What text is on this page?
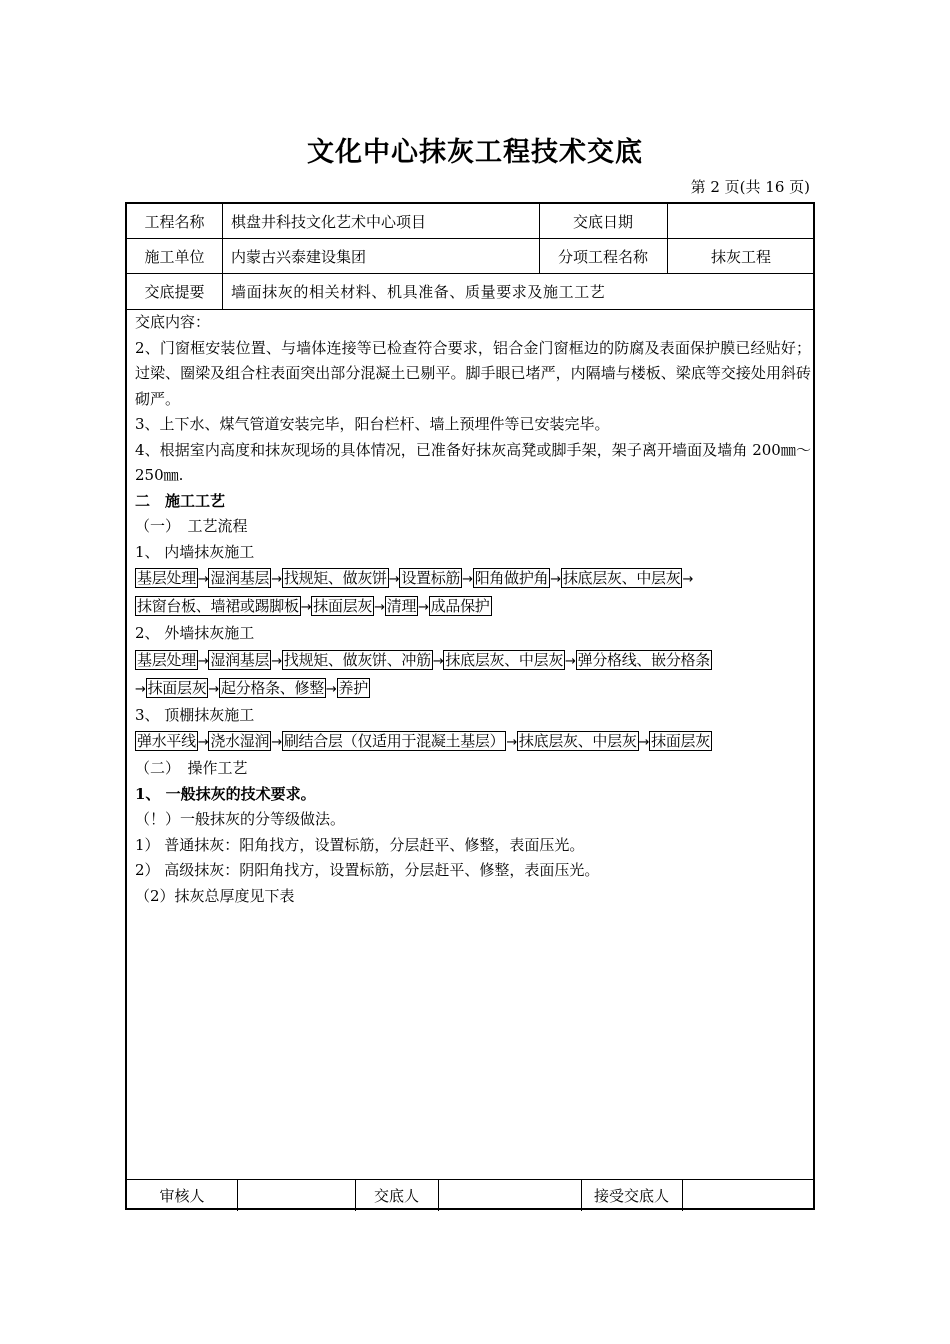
文化中心抹灰工程技术交底
第 2 页(共 16 页)
工程名称	棋盘井科技文化艺术中心项目	交底日期
施工单位	内蒙古兴泰建设集团	分项工程名称	抹灰工程
交底提要	墙面抹灰的相关材料、机具准备、质量要求及施工工艺
交底内容：
2、门窗框安装位置、与墙体连接等已检查符合要求，铝合金门窗框边的防腐及表面保护膜已经贴好；过梁、圈梁及组合柱表面突出部分混凝土已剔平。脚手眼已堵严，内隔墙与楼板、梁底等交接处用斜砖砌严。
3、上下水、煤气管道安装完毕，阳台栏杆、墙上预埋件等已安装完毕。
4、根据室内高度和抹灰现场的具体情况，已准备好抹灰高凳或脚手架，架子离开墙面及墙角 200㎜～250㎜.
二　施工工艺
（一）　工艺流程
1、 内墙抹灰施工
基层处理 → 湿润基层 → 找规矩、做灰饼 → 设置标筋 → 阳角做护角 → 抹底层灰、中层灰 →
抹窗台板、墙裙或踢脚板 → 抹面层灰 → 清理 → 成品保护
2、 外墙抹灰施工
基层处理 → 湿润基层 → 找规矩、做灰饼、冲筋 → 抹底层灰、中层灰 → 弹分格线、嵌分格条
→ 抹面层灰 → 起分格条、修整 → 养护
3、 顶棚抹灰施工
弹水平线 → 浇水湿润 → 刷结合层（仅适用于混凝土基层） → 抹底层灰、中层灰 → 抹面层灰
（二）　操作工艺
1、 一般抹灰的技术要求。
（！）一般抹灰的分等级做法。
1） 普通抹灰：阳角找方，设置标筋，分层赶平、修整，表面压光。
2） 高级抹灰：阴阳角找方，设置标筋，分层赶平、修整，表面压光。
（2）抹灰总厚度见下表
审核人	交底人	接受交底人
